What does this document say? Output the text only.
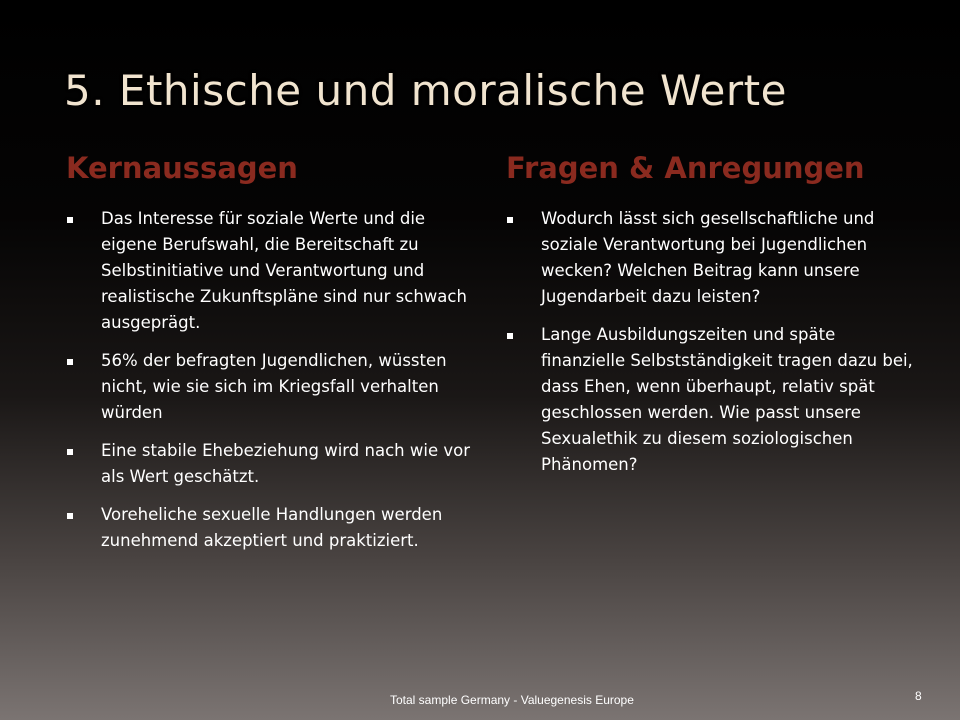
5. Ethische und moralische Werte
Kernaussagen	Fragen & Anregungen
Das Interesse für soziale Werte und die eigene Berufswahl, die Bereitschaft zu Selbstinitiative und Verantwortung und realistische Zukunftspläne sind nur schwach ausgeprägt.
56% der befragten Jugendlichen, wüssten nicht, wie sie sich im Kriegsfall verhalten würden
Eine stabile Ehebeziehung wird nach wie vor als Wert geschätzt.
Voreheliche sexuelle Handlungen werden zunehmend akzeptiert und praktiziert.
Wodurch lässt sich gesellschaftliche und soziale Verantwortung bei Jugendlichen wecken? Welchen Beitrag kann unsere Jugendarbeit dazu leisten?
Lange Ausbildungszeiten und späte finanzielle Selbstständigkeit tragen dazu bei, dass Ehen, wenn überhaupt, relativ spät geschlossen werden. Wie passt unsere Sexualethik zu diesem soziologischen Phänomen?
Total sample Germany - Valuegenesis Europe	8
